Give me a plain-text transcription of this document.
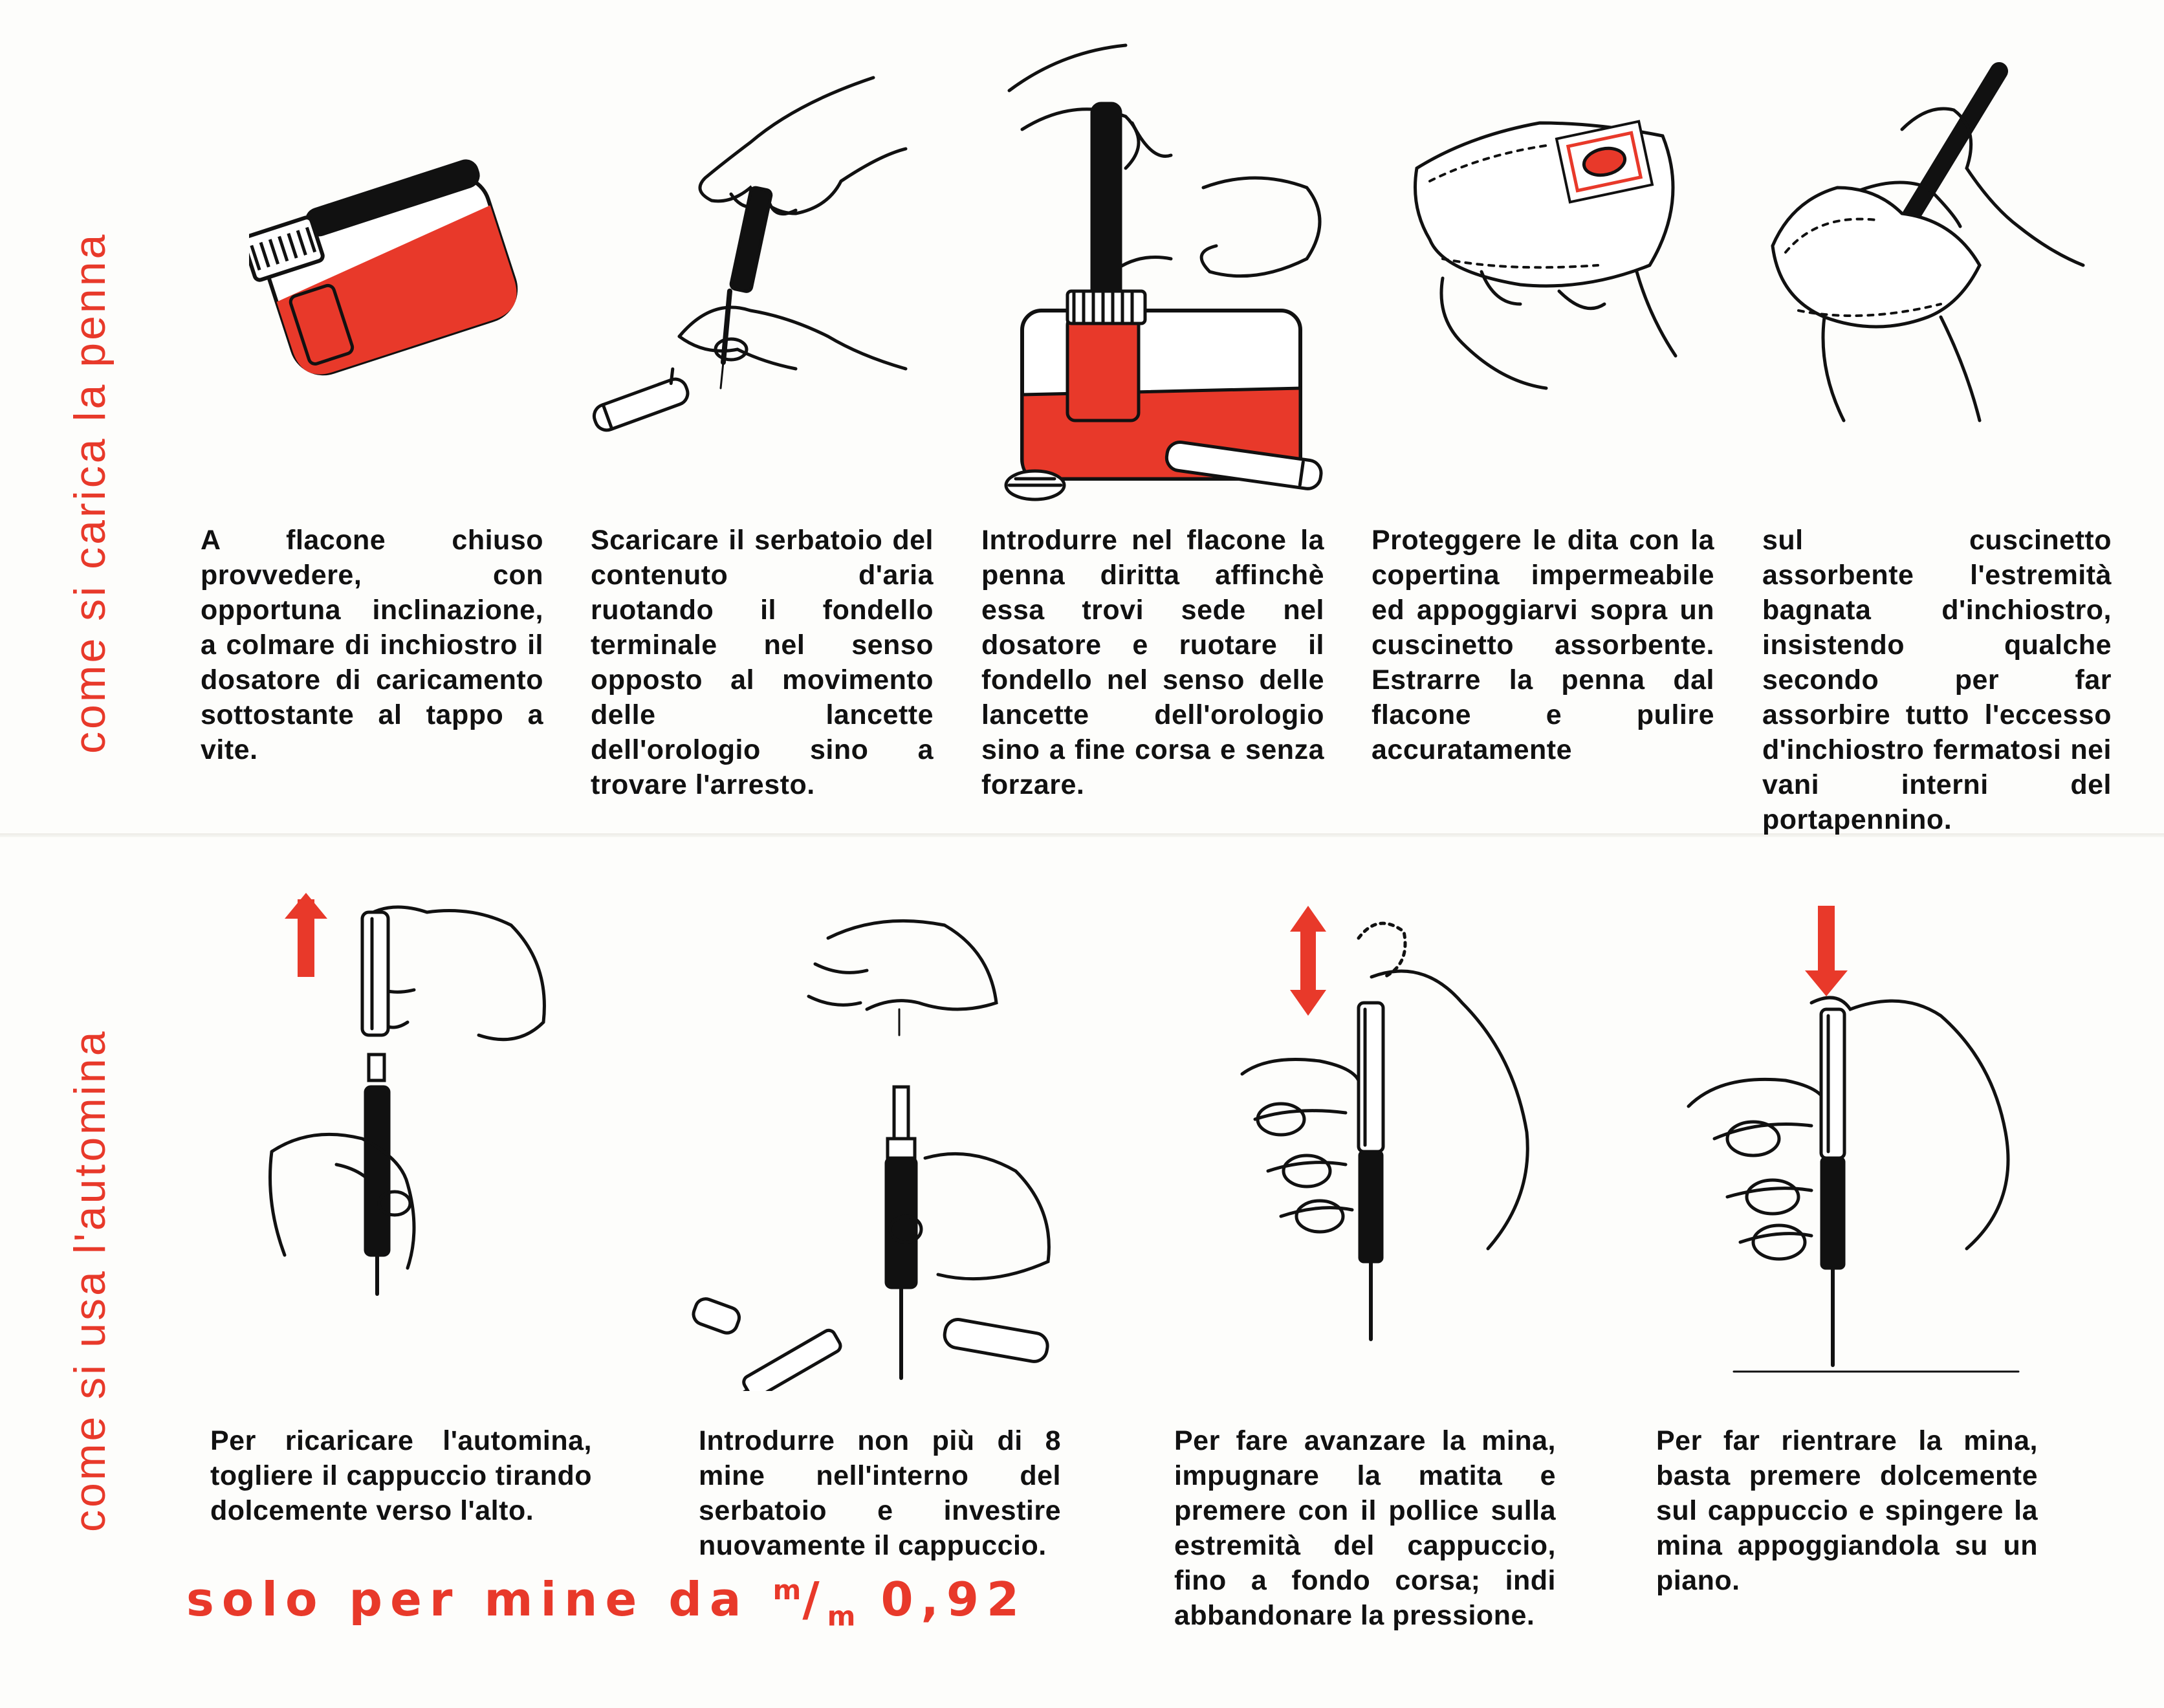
come si carica la penna
come si usa l'automina
A flacone chiuso provvedere, con opportuna inclinazione, a colmare di inchiostro il dosatore di caricamento sottostante al tappo a vite.
Scaricare il serbatoio del contenuto d'aria ruotando il fondello terminale nel senso opposto al movimento delle lancette dell'orologio sino a trovare l'arresto.
Introdurre nel flacone la penna diritta affinchè essa trovi sede nel dosatore e ruotare il fondello nel senso delle lancette dell'orologio sino a fine corsa e senza forzare.
Proteggere le dita con la copertina impermeabile ed appoggiarvi sopra un cuscinetto assorbente. Estrarre la penna dal flacone e pulire accuratamente
sul cuscinetto assorbente l'estremità bagnata d'inchiostro, insistendo qualche secondo per far assorbire tutto l'eccesso d'inchiostro fermatosi nei vani interni del portapennino.
Per ricaricare l'automina, togliere il cappuccio tirando dolcemente verso l'alto.
Introdurre non più di 8 mine nell'interno del serbatoio e investire nuovamente il cappuccio.
Per fare avanzare la mina, impugnare la matita e premere con il pollice sulla estremità del cappuccio, fino a fondo corsa; indi abbandonare la pressione.
Per far rientrare la mina, basta premere dolcemente sul cappuccio e spingere la mina appoggiandola su un piano.
solo per mine da $^m/_m$ 0,92
